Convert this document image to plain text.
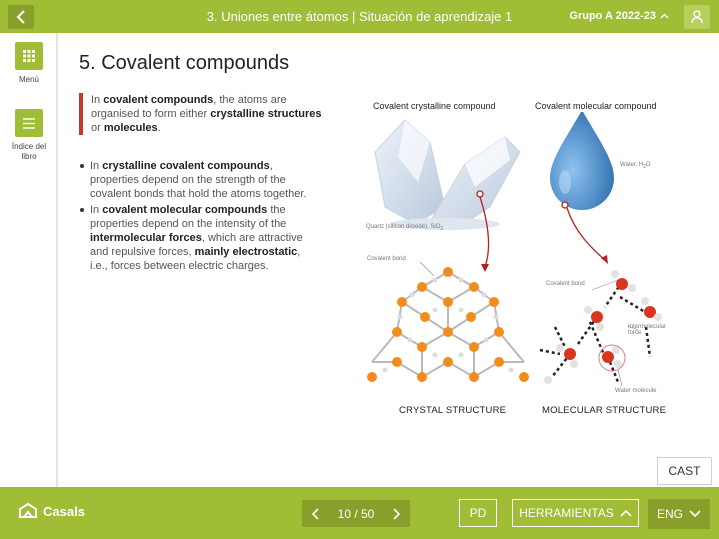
3. Uniones entre átomos | Situación de aprendizaje 1	Grupo A 2022-23
Menú
Índice del libro
5. Covalent compounds
In covalent compounds, the atoms are organised to form either crystalline structures or molecules.
In crystalline covalent compounds, properties depend on the strength of the covalent bonds that hold the atoms together.
In covalent molecular compounds the properties depend on the intensity of the intermolecular forces, which are attractive and repulsive forces, mainly electrostatic, i.e., forces between electric charges.
Covalent crystalline compound	Covalent molecular compound
Quartz (silicon dioxide), SiO$_2$
Water, $H_2O$
Covalent bond
Covalent bond
Intermolecular force
Water molecule
CRYSTAL STRUCTURE	MOLECULAR STRUCTURE
CAST
Casals	10 / 50	PD	HERRAMIENTAS	ENG
